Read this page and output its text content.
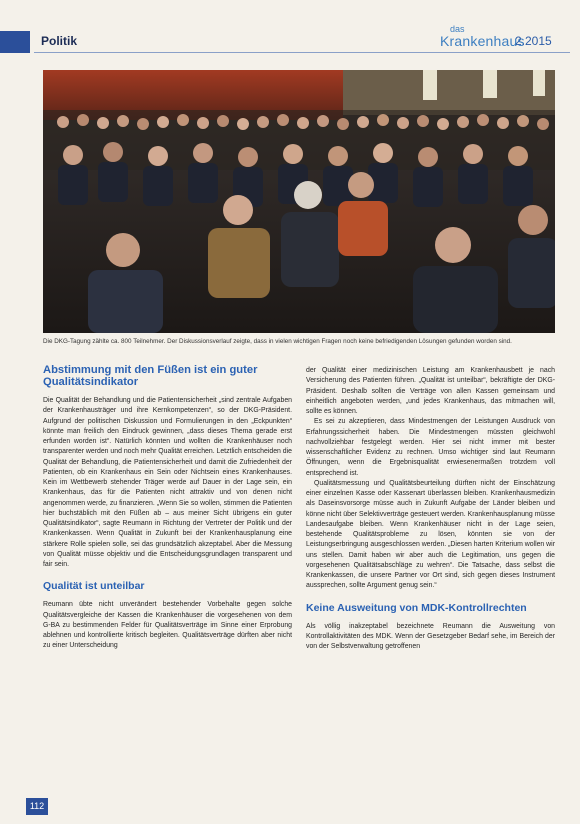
Politik
das
Krankenhaus
2.2015
Die DKG-Tagung zählte ca. 800 Teilnehmer. Der Diskussionsverlauf zeigte, dass in vielen wichtigen Fragen noch keine befriedigenden Lösungen gefunden worden sind.
Abstimmung mit den Füßen ist ein guter Qualitätsindikator

Die Qualität der Behandlung und die Patientensicherheit „sind zentrale Aufgaben der Krankenhausträger und ihre Kernkompetenzen“, so der DKG-Präsident. Aufgrund der politischen Diskussion und Formulierungen in den „Eckpunkten“ könnte man freilich den Eindruck gewinnen, „dass dieses Thema gerade erst erfunden worden ist“. Natürlich könnten und wollten die Krankenhäuser noch transparenter werden und noch mehr Qualität erreichen. Letztlich entscheiden die Qualität der Behandlung, die Patientensicherheit und damit die Zufriedenheit der Patienten, ob ein Krankenhaus ein Sein oder Nichtsein eines Krankenhauses. Kein im Wettbewerb stehender Träger werde auf Dauer in der Lage sein, ein Krankenhaus, das für die Patienten nicht attraktiv und von denen nicht angenommen werde, zu finanzieren. „Wenn Sie so wollen, stimmen die Patienten hier buchstäblich mit den Füßen ab – aus meiner Sicht übrigens ein guter Qualitätsindikator“, sagte Reumann in Richtung der Vertreter der Politik und der Krankenkassen. Wenn Qualität in Zukunft bei der Krankenhausplanung eine stärkere Rolle spielen solle, sei das grundsätzlich akzeptabel. Aber die Messung von Qualität müsse objektiv und die Entscheidungsgrundlagen transparent und fair sein.

Qualität ist unteilbar

Reumann übte nicht unverändert bestehender Vorbehalte gegen solche Qualitätsvergleiche der Kassen die Krankenhäuser die vorgesehenen von dem G-BA zu bestimmenden Felder für Qualitätsverträge im Sinne einer Erprobung ablehnen und kontrollierte kritisch begleiten. Qualitätsverträge dürften aber nicht zu einer Unterscheidung

der Qualität einer medizinischen Leistung am Krankenhausbett je nach Versicherung des Patienten führen. „Qualität ist unteilbar“, bekräftigte der DKG-Präsident. Deshalb sollten die Verträge von allen Kassen gemeinsam und einheitlich angeboten werden, „und jedes Krankenhaus, das mitmachen will, sollte es können.

Es sei zu akzeptieren, dass Mindestmengen der Leistungen Ausdruck von Erfahrungssicherheit haben. Die Mindestmengen müssten gleichwohl nachvollziehbar festgelegt werden. Hier sei nicht immer mit bester wissenschaftlicher Evidenz zu rechnen. Umso wichtiger sind laut Reumann Öffnungen, wenn die Ergebnisqualität erwiesenermaßen trotzdem voll entsprechend ist.

Qualitätsmessung und Qualitätsbeurteilung dürften nicht der Einschätzung einer einzelnen Kasse oder Kassenart überlassen bleiben. Krankenhausmedizin als Daseinsvorsorge müsse auch in Zukunft Aufgabe der Länder bleiben und könne nicht über Selektivverträge gesteuert werden. Krankenhausplanung müsse Landesaufgabe bleiben. Wenn Krankenhäuser nicht in der Lage seien, bestehende Qualitätsprobleme zu lösen, könnten sie von der Leistungserbringung ausgeschlossen werden. „Diesen harten Kriterium wollen wir uns stellen. Damit haben wir aber auch die Legitimation, uns gegen die vorgesehenen Qualitätsabschläge zu wehren“. Die Tatsache, dass selbst die Krankenkassen, die unsere Partner vor Ort sind, sich gegen dieses Instrument aussprechen, sollte Argument genug sein.“

Keine Ausweitung von MDK-Kontrollrechten

Als völlig inakzeptabel bezeichnete Reumann die Ausweitung von Kontrollaktivitäten des MDK. Wenn der Gesetzgeber Bedarf sehe, im Bereich der von der Selbstverwaltung getroffenen

112
